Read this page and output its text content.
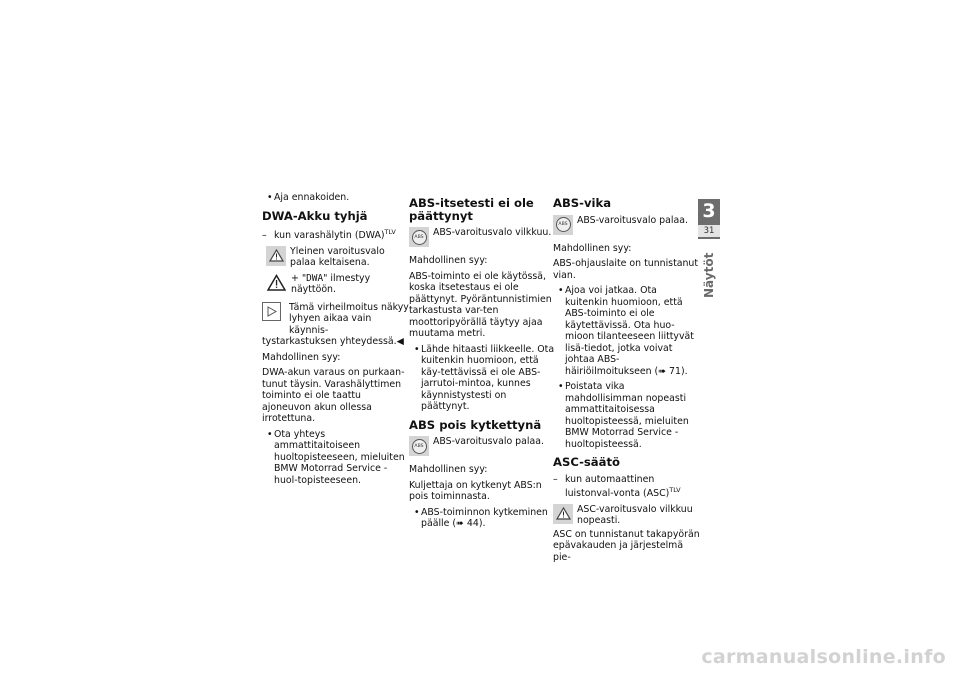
• Aja ennakoiden.

DWA-Akku tyhjä

– kun varashälytin (DWA)$^{TLV}$

Yleinen varoitusvalo palaa keltaisena.
+ "DWA" ilmestyy näyttöön.
Tämä virheilmoitus näkyy
lyhyen aikaa vain käynnis-

tystarkastuksen yhteydessä.◀

Mahdollinen syy:

DWA-akun varaus on purkaan-tunut täysin. Varashälyttimen toiminto ei ole taattu ajoneuvon akun ollessa irrotettuna.

• Ota yhteys ammattitaitoiseen huoltopisteeseen, mieluiten BMW Motorrad Service -huol-topisteeseen.

ABS-itsetesti ei ole päättynyt
ABS	ABS-varoitusvalo vilkkuu.

Mahdollinen syy:

ABS-toiminto ei ole käytössä, koska itsetestaus ei ole päättynyt. Pyöräntunnistimien tarkastusta var-ten moottoripyörällä täytyy ajaa muutama metri.

• Lähde hitaasti liikkeelle. Ota kuitenkin huomioon, että käy-tettävissä ei ole ABS-jarrutoi-mintoa, kunnes käynnistystesti on päättynyt.

ABS pois kytkettynä
ABS	ABS-varoitusvalo palaa.

Mahdollinen syy:

Kuljettaja on kytkenyt ABS:n pois toiminnasta.

• ABS-toiminnon kytkeminen päälle (➠ 44).

ABS-vika
ABS	ABS-varoitusvalo palaa.

Mahdollinen syy:

ABS-ohjauslaite on tunnistanut vian.

• Ajoa voi jatkaa. Ota kuitenkin huomioon, että ABS-toiminto ei ole käytettävissä. Ota huo-mioon tilanteeseen liittyvät lisä-tiedot, jotka voivat johtaa ABS-häiriöilmoitukseen (➠ 71).

• Poistata vika mahdollisimman nopeasti ammattitaitoisessa huoltopisteessä, mieluiten BMW Motorrad Service -huoltopisteessä.

ASC-säätö

– kun automaattinen luistonval-vonta (ASC)$^{TLV}$

ASC-varoitusvalo vilkkuu nopeasti.

ASC on tunnistanut takapyörän epävakauden ja järjestelmä pie-

3
31
Näytöt
carmanualsonline.info
